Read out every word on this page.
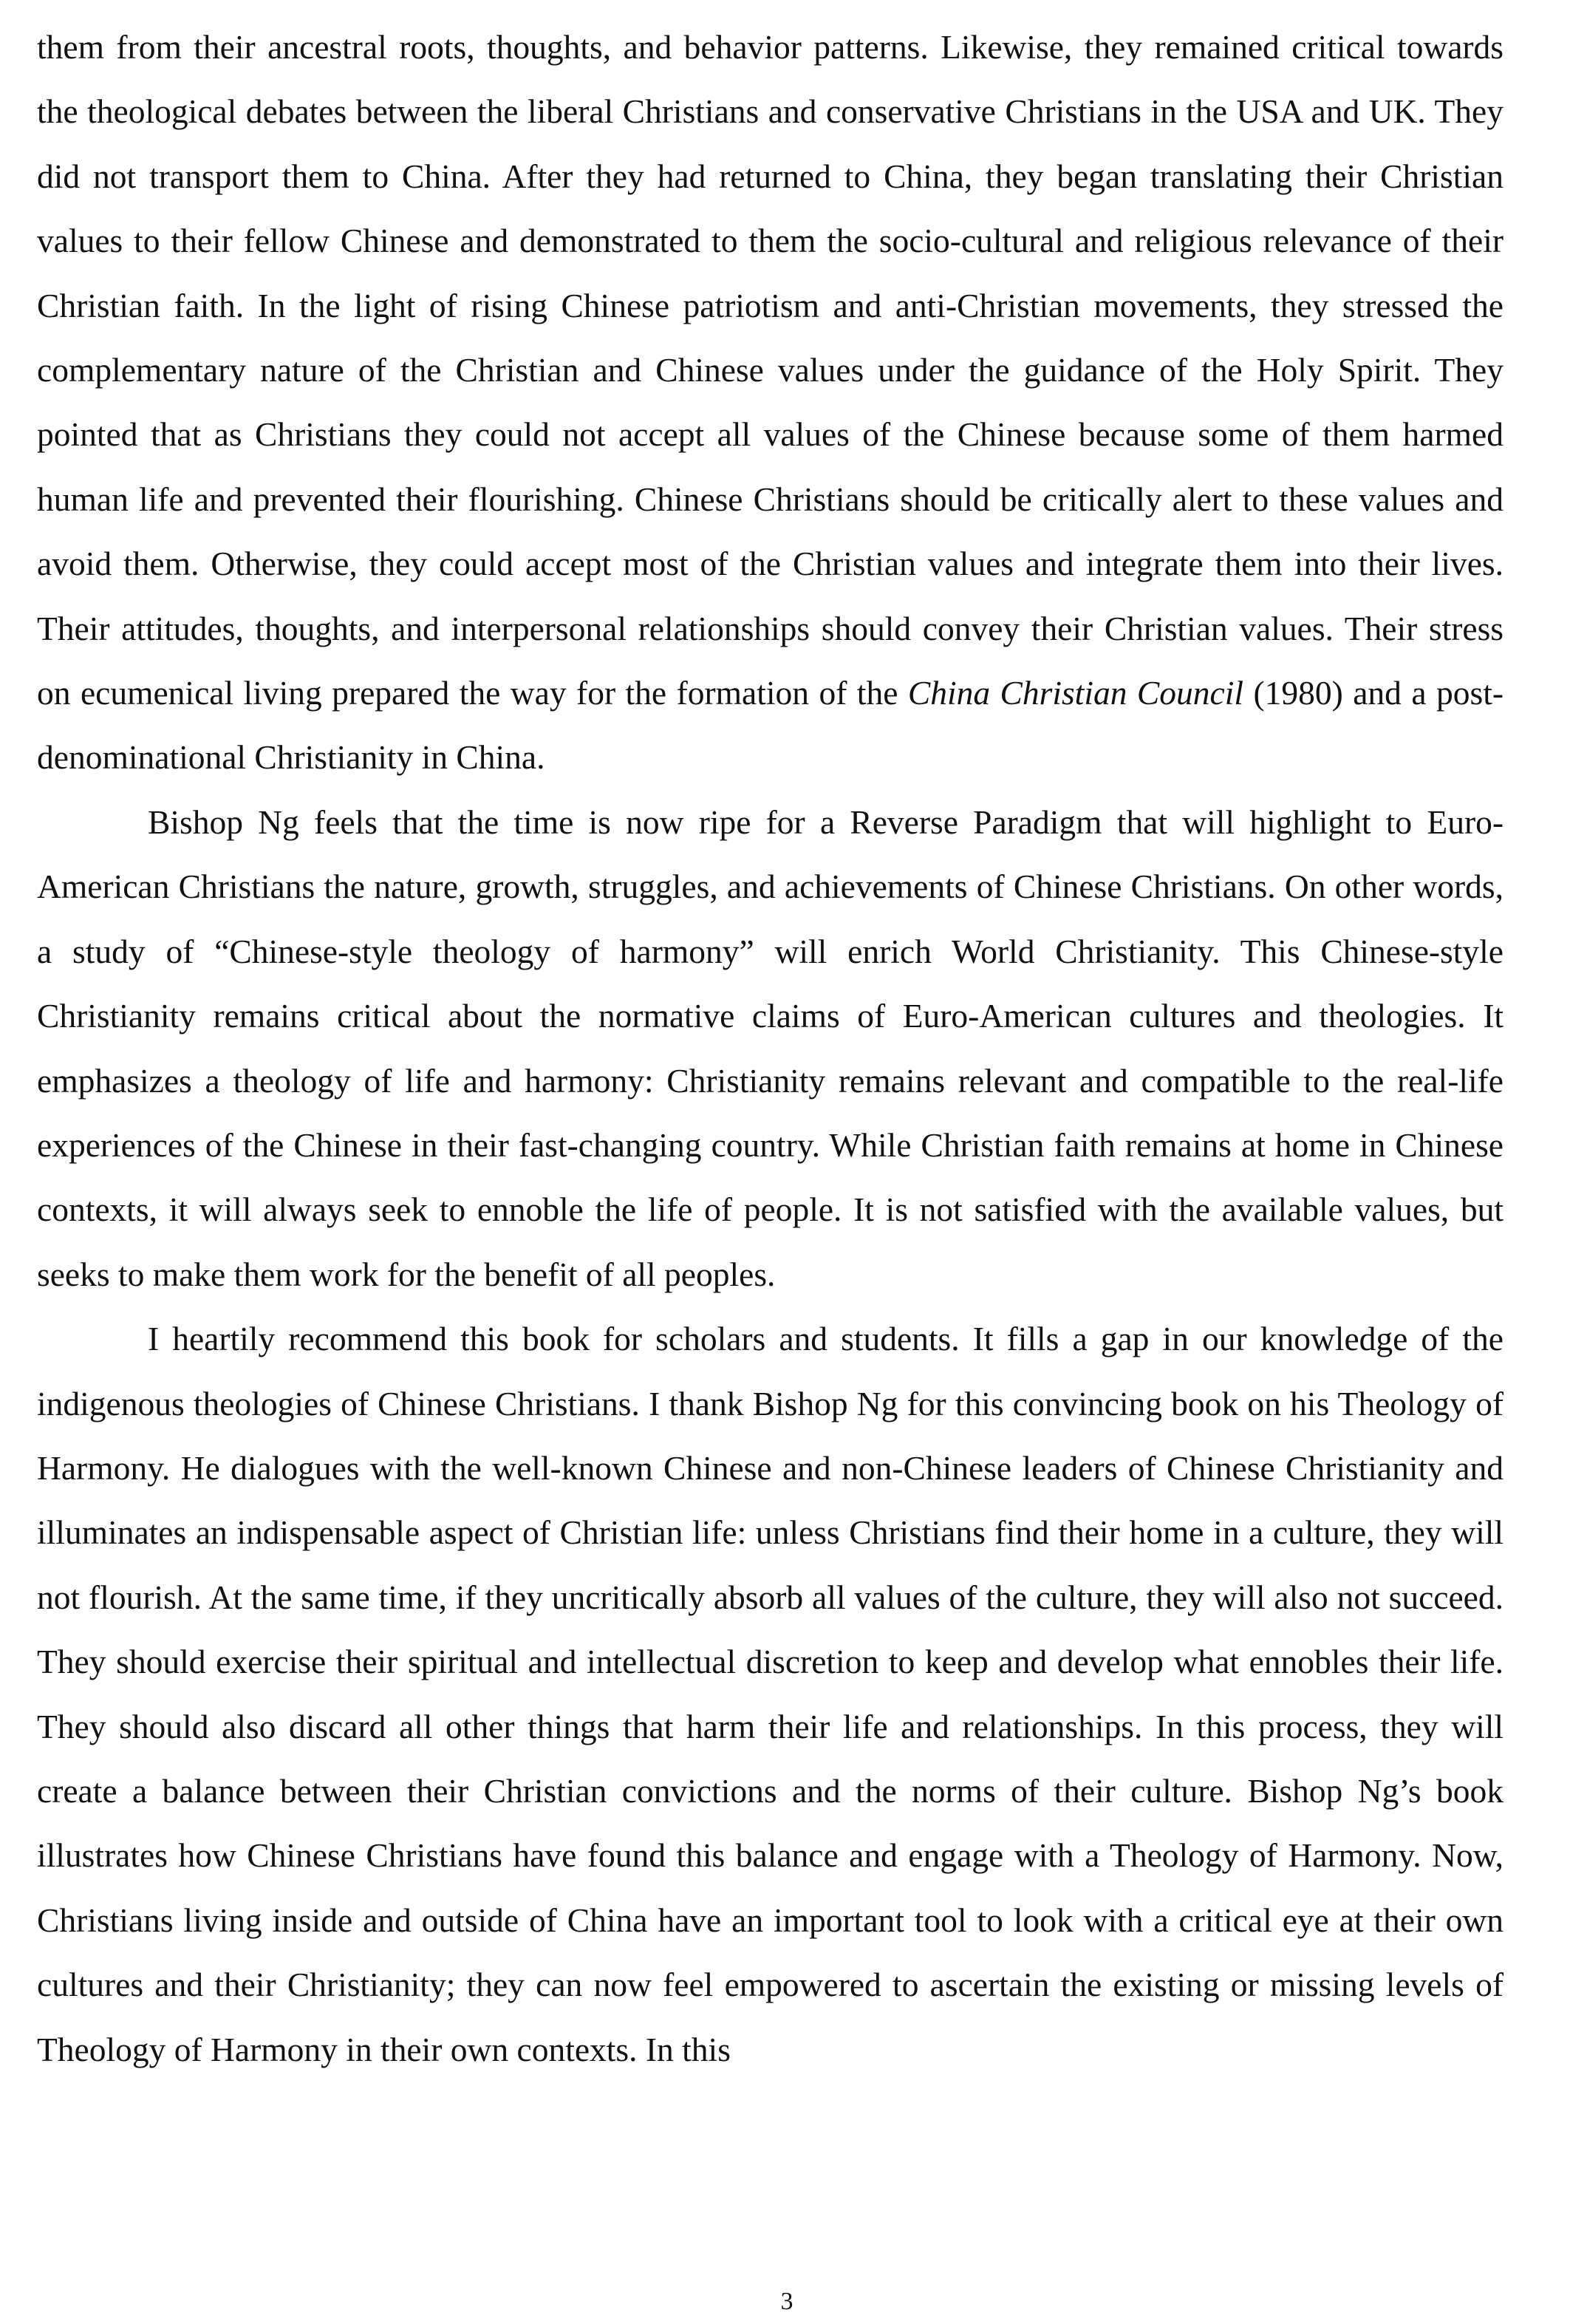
them from their ancestral roots, thoughts, and behavior patterns. Likewise, they remained critical towards the theological debates between the liberal Christians and conservative Christians in the USA and UK. They did not transport them to China. After they had returned to China, they began translating their Christian values to their fellow Chinese and demonstrated to them the socio-cultural and religious relevance of their Christian faith. In the light of rising Chinese patriotism and anti-Christian movements, they stressed the complementary nature of the Christian and Chinese values under the guidance of the Holy Spirit. They pointed that as Christians they could not accept all values of the Chinese because some of them harmed human life and prevented their flourishing. Chinese Christians should be critically alert to these values and avoid them. Otherwise, they could accept most of the Christian values and integrate them into their lives. Their attitudes, thoughts, and interpersonal relationships should convey their Christian values. Their stress on ecumenical living prepared the way for the formation of the China Christian Council (1980) and a post-denominational Christianity in China.

Bishop Ng feels that the time is now ripe for a Reverse Paradigm that will highlight to Euro-American Christians the nature, growth, struggles, and achievements of Chinese Christians. On other words, a study of “Chinese-style theology of harmony” will enrich World Christianity. This Chinese-style Christianity remains critical about the normative claims of Euro-American cultures and theologies. It emphasizes a theology of life and harmony: Christianity remains relevant and compatible to the real-life experiences of the Chinese in their fast-changing country. While Christian faith remains at home in Chinese contexts, it will always seek to ennoble the life of people. It is not satisfied with the available values, but seeks to make them work for the benefit of all peoples.

I heartily recommend this book for scholars and students. It fills a gap in our knowledge of the indigenous theologies of Chinese Christians. I thank Bishop Ng for this convincing book on his Theology of Harmony. He dialogues with the well-known Chinese and non-Chinese leaders of Chinese Christianity and illuminates an indispensable aspect of Christian life: unless Christians find their home in a culture, they will not flourish. At the same time, if they uncritically absorb all values of the culture, they will also not succeed. They should exercise their spiritual and intellectual discretion to keep and develop what ennobles their life. They should also discard all other things that harm their life and relationships. In this process, they will create a balance between their Christian convictions and the norms of their culture. Bishop Ng’s book illustrates how Chinese Christians have found this balance and engage with a Theology of Harmony. Now, Christians living inside and outside of China have an important tool to look with a critical eye at their own cultures and their Christianity; they can now feel empowered to ascertain the existing or missing levels of Theology of Harmony in their own contexts. In this

3
